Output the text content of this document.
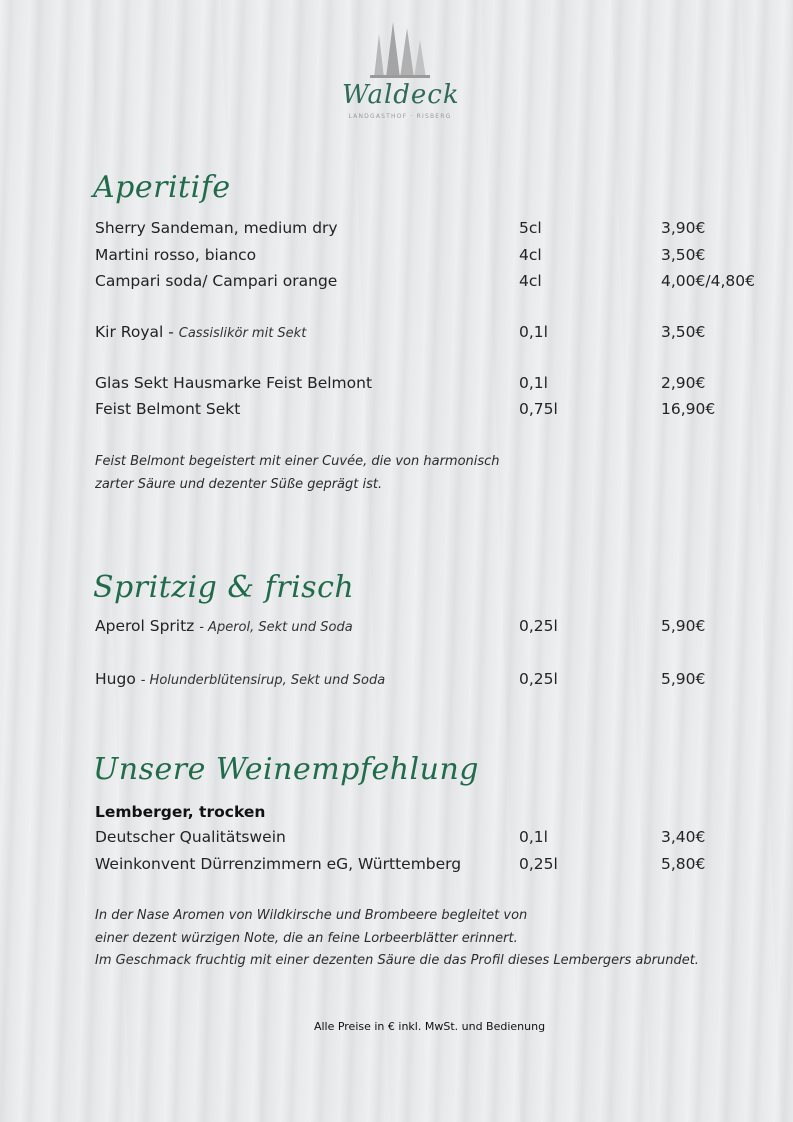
Waldeck
LANDGASTHOF · RISBERG
Aperitife
Sherry Sandeman, medium dry	5cl	3,90€
Martini rosso, bianco	4cl	3,50€
Campari soda/ Campari orange	4cl	4,00€/4,80€
Kir Royal - Cassislikör mit Sekt	0,1l	3,50€
Glas Sekt Hausmarke Feist Belmont	0,1l	2,90€
Feist Belmont Sekt	0,75l	16,90€
Feist Belmont begeistert mit einer Cuvée, die von harmonisch
zarter Säure und dezenter Süße geprägt ist.
Spritzig & frisch
Aperol Spritz - Aperol, Sekt und Soda	0,25l	5,90€
Hugo - Holunderblütensirup, Sekt und Soda	0,25l	5,90€
Unsere Weinempfehlung
Lemberger, trocken
Deutscher Qualitätswein	0,1l	3,40€
Weinkonvent Dürrenzimmern eG, Württemberg	0,25l	5,80€
In der Nase Aromen von Wildkirsche und Brombeere begleitet von
einer dezent würzigen Note, die an feine Lorbeerblätter erinnert.
Im Geschmack fruchtig mit einer dezenten Säure die das Profil dieses Lembergers abrundet.
Alle Preise in € inkl. MwSt. und Bedienung
